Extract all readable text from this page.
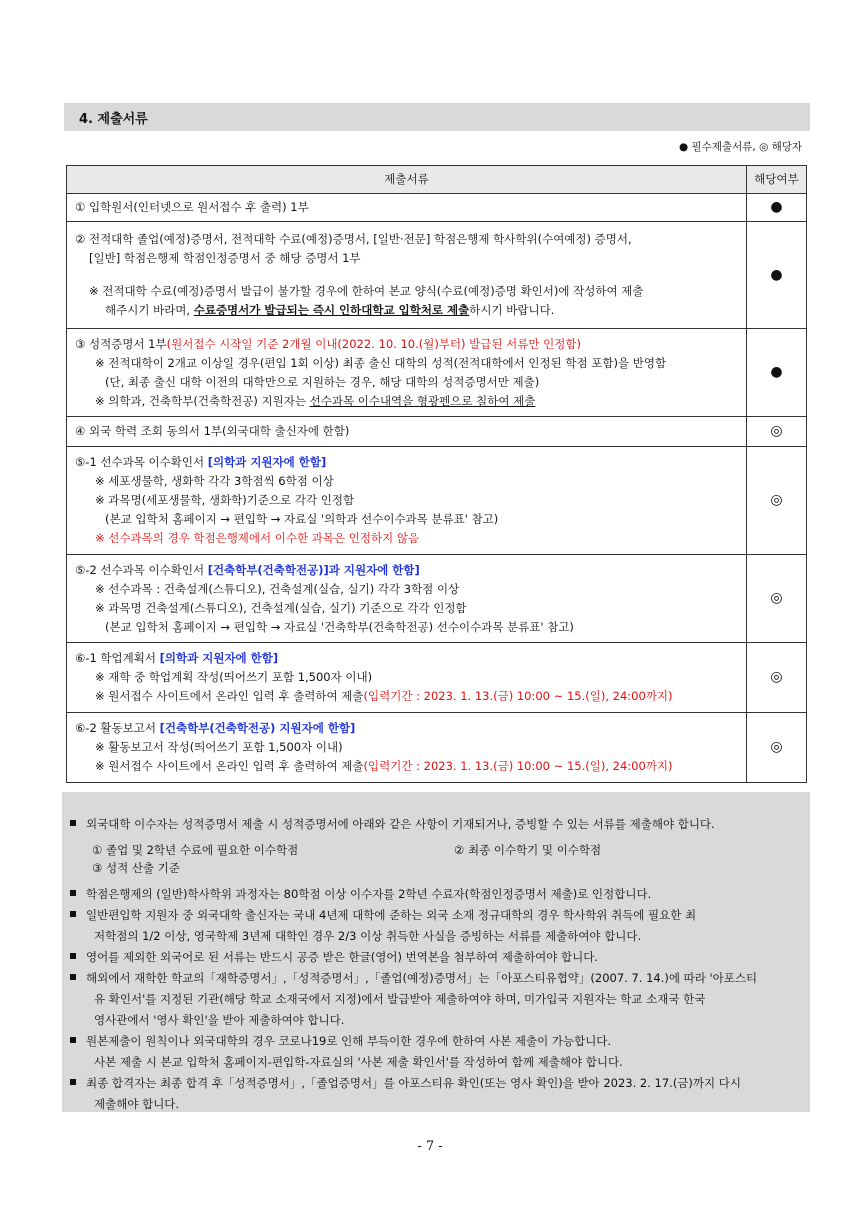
4. 제출서류
● 필수제출서류, ◎ 해당자
제출서류	해당여부

① 입학원서(인터넷으로 원서접수 후 출력) 1부	●

② 전적대학 졸업(예정)증명서, 전적대학 수료(예정)증명서, [일반·전문] 학점은행제 학사학위(수여예정) 증명서,
[일반] 학점은행제 학점인정증명서 중 해당 증명서 1부
※ 전적대학 수료(예정)증명서 발급이 불가할 경우에 한하여 본교 양식(수료(예정)증명 확인서)에 작성하여 제출
해주시기 바라며, 수료증명서가 발급되는 즉시 인하대학교 입학처로 제출하시기 바랍니다.	●

③ 성적증명서 1부(원서접수 시작일 기준 2개월 이내(2022. 10. 10.(월)부터) 발급된 서류만 인정함)
※ 전적대학이 2개교 이상일 경우(편입 1회 이상) 최종 출신 대학의 성적(전적대학에서 인정된 학점 포함)을 반영함
(단, 최종 출신 대학 이전의 대학만으로 지원하는 경우, 해당 대학의 성적증명서만 제출)
※ 의학과, 건축학부(건축학전공) 지원자는 선수과목 이수내역을 형광펜으로 칠하여 제출	●

④ 외국 학력 조회 동의서 1부(외국대학 출신자에 한함)	◎

⑤-1 선수과목 이수확인서 [의학과 지원자에 한함]
※ 세포생물학, 생화학 각각 3학점씩 6학점 이상
※ 과목명(세포생물학, 생화학)기준으로 각각 인정함
(본교 입학처 홈페이지 → 편입학 → 자료실 '의학과 선수이수과목 분류표' 참고)
※ 선수과목의 경우 학점은행제에서 이수한 과목은 인정하지 않음	◎

⑤-2 선수과목 이수확인서 [건축학부(건축학전공)]과 지원자에 한함]
※ 선수과목 : 건축설계(스튜디오), 건축설계(실습, 실기) 각각 3학점 이상
※ 과목명 건축설계(스튜디오), 건축설계(실습, 실기) 기준으로 각각 인정함
(본교 입학처 홈페이지 → 편입학 → 자료실 '건축학부(건축학전공) 선수이수과목 분류표' 참고)	◎

⑥-1 학업계획서 [의학과 지원자에 한함]
※ 재학 중 학업계획 작성(띄어쓰기 포함 1,500자 이내)
※ 원서접수 사이트에서 온라인 입력 후 출력하여 제출(입력기간 : 2023. 1. 13.(금) 10:00 ~ 15.(일), 24:00까지)	◎

⑥-2 활동보고서 [건축학부(건축학전공) 지원자에 한함]
※ 활동보고서 작성(띄어쓰기 포함 1,500자 이내)
※ 원서접수 사이트에서 온라인 입력 후 출력하여 제출(입력기간 : 2023. 1. 13.(금) 10:00 ~ 15.(일), 24:00까지)	◎
외국대학 이수자는 성적증명서 제출 시 성적증명서에 아래와 같은 사항이 기재되거나, 증빙할 수 있는 서류를 제출해야 합니다.
① 졸업 및 2학년 수료에 필요한 이수학점	② 최종 이수학기 및 이수학점
③ 성적 산출 기준
학점은행제의 (일반)학사학위 과정자는 80학점 이상 이수자를 2학년 수료자(학점인정증명서 제출)로 인정합니다.
일반편입학 지원자 중 외국대학 출신자는 국내 4년제 대학에 준하는 외국 소재 정규대학의 경우 학사학위 취득에 필요한 최
저학점의 1/2 이상, 영국학제 3년제 대학인 경우 2/3 이상 취득한 사실을 증빙하는 서류를 제출하여야 합니다.
영어를 제외한 외국어로 된 서류는 반드시 공증 받은 한글(영어) 번역본을 첨부하여 제출하여야 합니다.
해외에서 재학한 학교의「재학증명서」,「성적증명서」,「졸업(예정)증명서」는「아포스티유협약」(2007. 7. 14.)에 따라 '아포스티
유 확인서'를 지정된 기관(해당 학교 소재국에서 지정)에서 발급받아 제출하여야 하며, 미가입국 지원자는 학교 소재국 한국
영사관에서 '영사 확인'을 받아 제출하여야 합니다.
원본제출이 원칙이나 외국대학의 경우 코로나19로 인해 부득이한 경우에 한하여 사본 제출이 가능합니다.
사본 제출 시 본교 입학처 홈페이지-편입학-자료실의 '사본 제출 확인서'를 작성하여 함께 제출해야 합니다.
최종 합격자는 최종 합격 후「성적증명서」,「졸업증명서」를 아포스티유 확인(또는 영사 확인)을 받아 2023. 2. 17.(금)까지 다시
제출해야 합니다.
- 7 -
